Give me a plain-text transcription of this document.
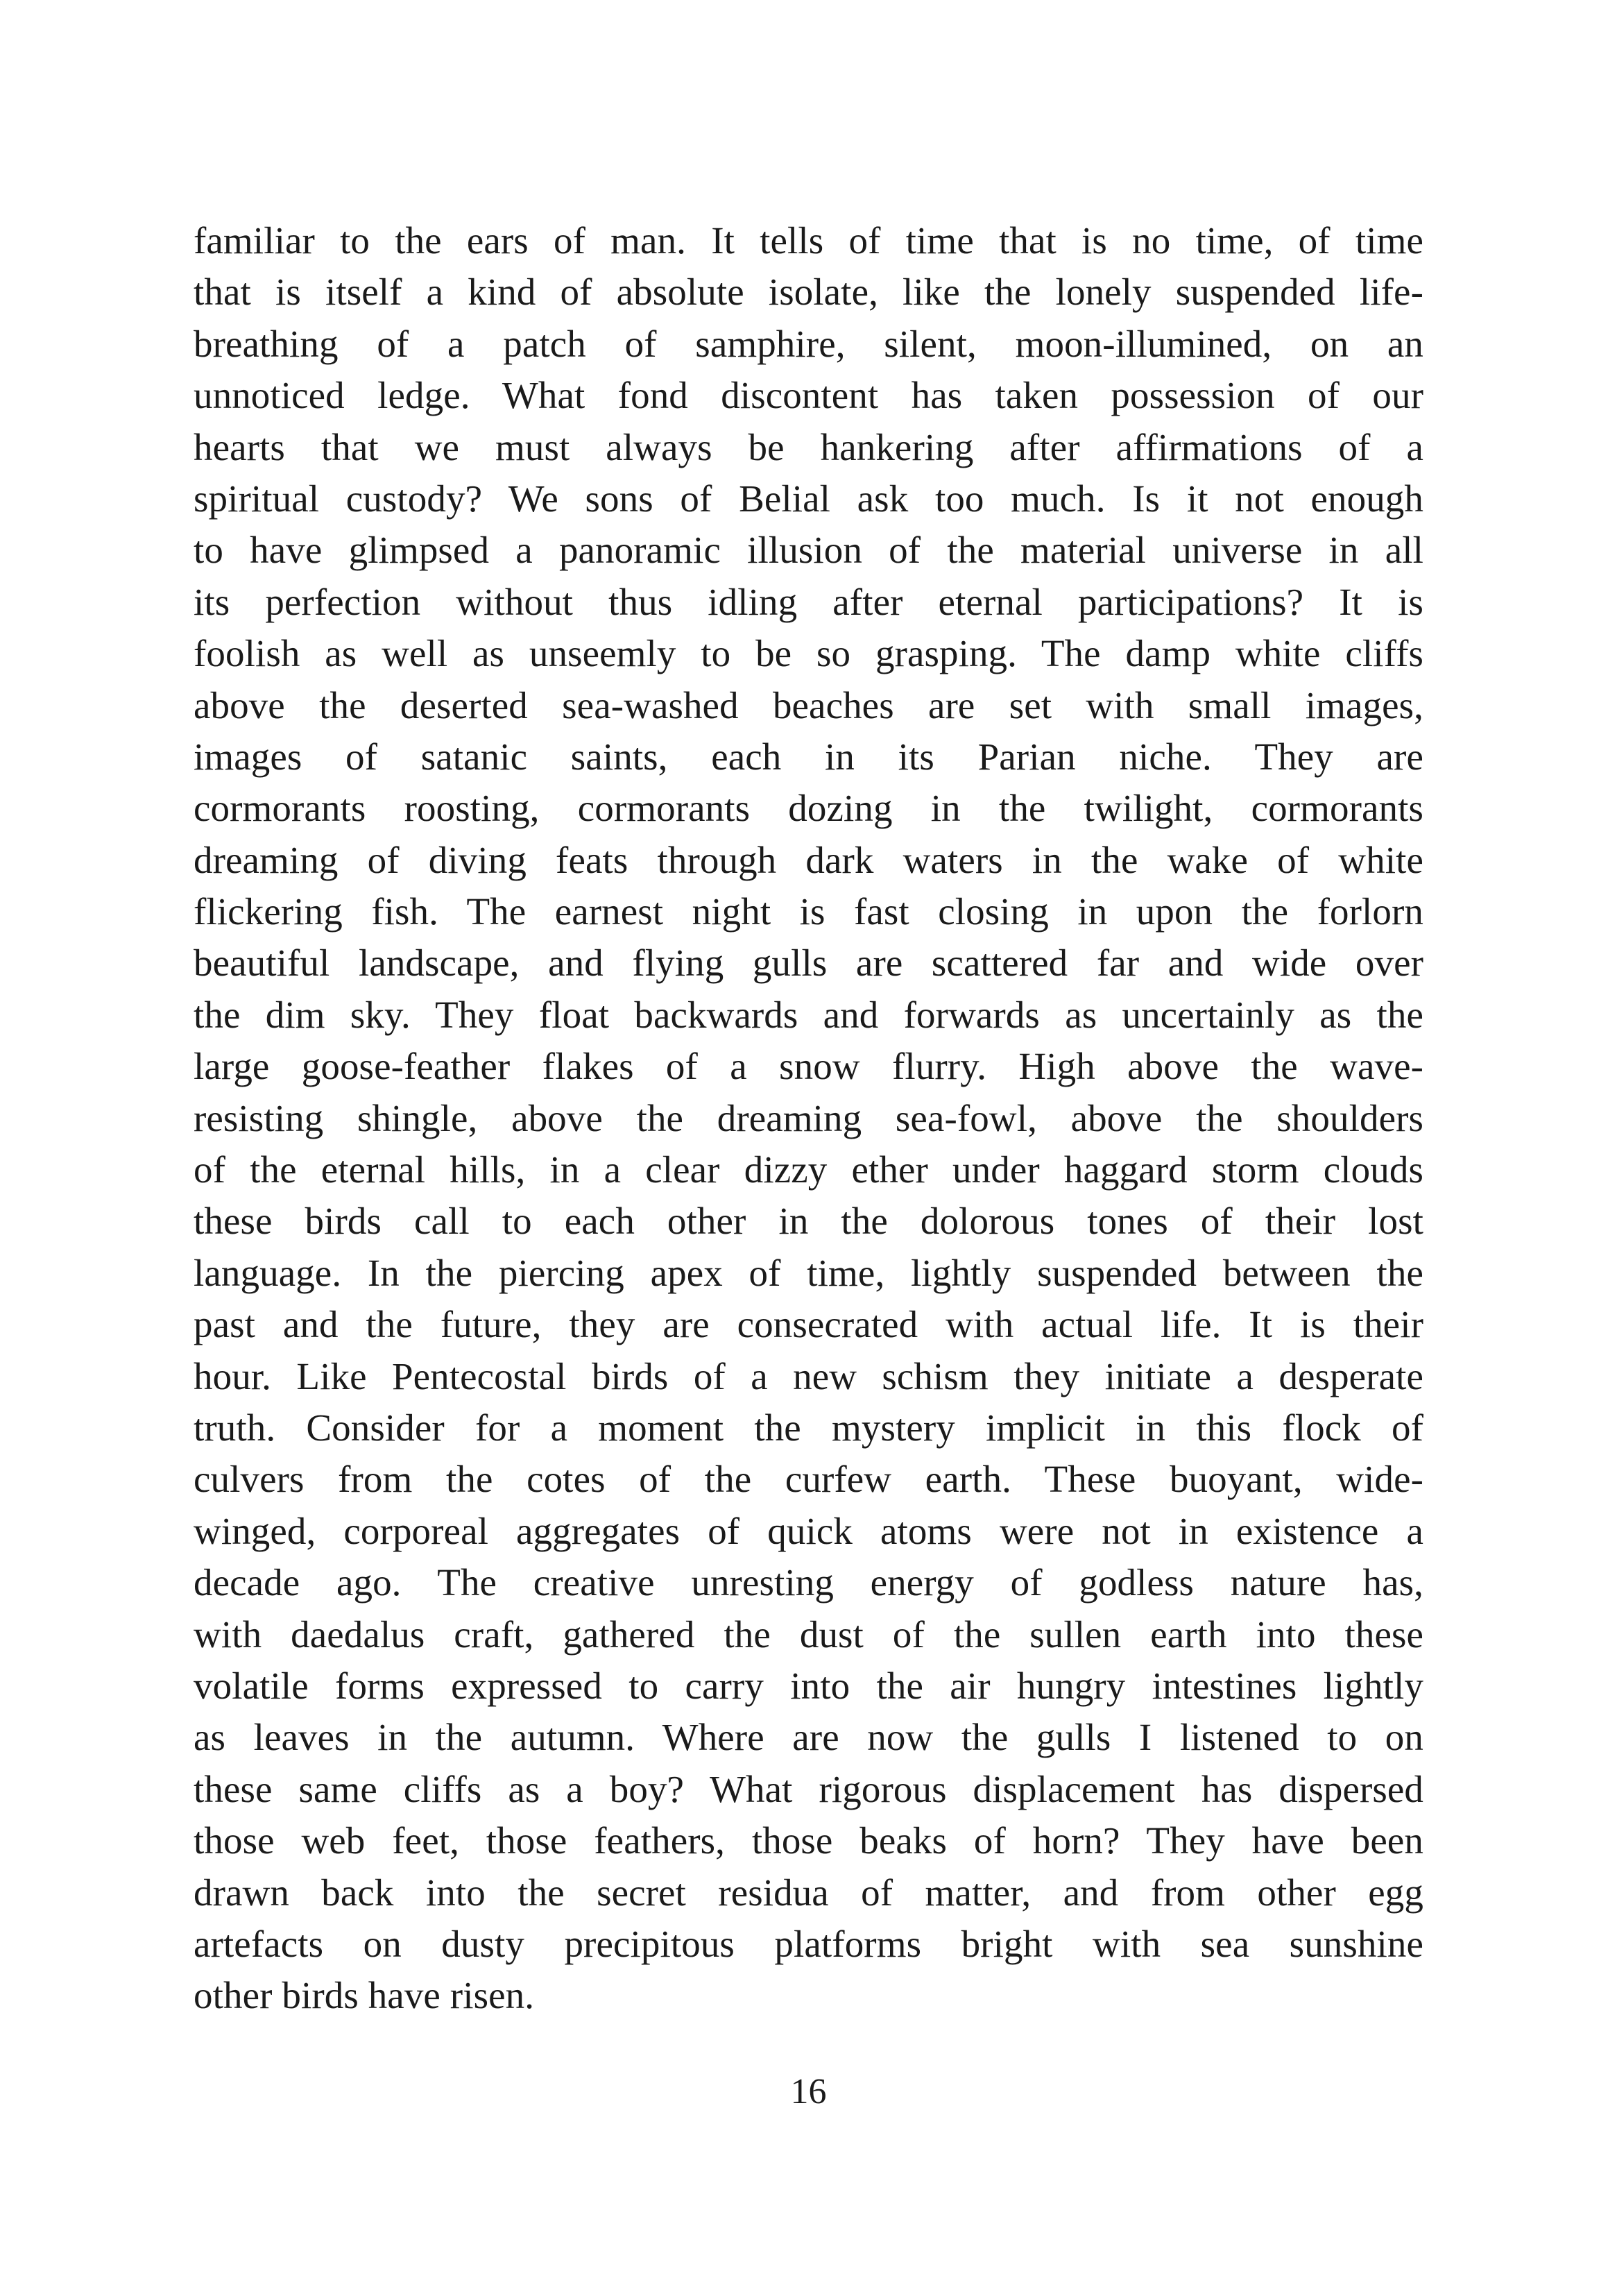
familiar to the ears of man. It tells of time that is no time, of time
that is itself a kind of absolute isolate, like the lonely suspended life-
breathing of a patch of samphire, silent, moon-illumined, on an
unnoticed ledge. What fond discontent has taken possession of our
hearts that we must always be hankering after affirmations of a
spiritual custody? We sons of Belial ask too much. Is it not enough
to have glimpsed a panoramic illusion of the material universe in all
its perfection without thus idling after eternal participations? It is
foolish as well as unseemly to be so grasping. The damp white cliffs
above the deserted sea-washed beaches are set with small images,
images of satanic saints, each in its Parian niche. They are
cormorants roosting, cormorants dozing in the twilight, cormorants
dreaming of diving feats through dark waters in the wake of white
flickering fish. The earnest night is fast closing in upon the forlorn
beautiful landscape, and flying gulls are scattered far and wide over
the dim sky. They float backwards and forwards as uncertainly as the
large goose-feather flakes of a snow flurry. High above the wave-
resisting shingle, above the dreaming sea-fowl, above the shoulders
of the eternal hills, in a clear dizzy ether under haggard storm clouds
these birds call to each other in the dolorous tones of their lost
language. In the piercing apex of time, lightly suspended between the
past and the future, they are consecrated with actual life. It is their
hour. Like Pentecostal birds of a new schism they initiate a desperate
truth. Consider for a moment the mystery implicit in this flock of
culvers from the cotes of the curfew earth. These buoyant, wide-
winged, corporeal aggregates of quick atoms were not in existence a
decade ago. The creative unresting energy of godless nature has,
with daedalus craft, gathered the dust of the sullen earth into these
volatile forms expressed to carry into the air hungry intestines lightly
as leaves in the autumn. Where are now the gulls I listened to on
these same cliffs as a boy? What rigorous displacement has dispersed
those web feet, those feathers, those beaks of horn? They have been
drawn back into the secret residua of matter, and from other egg
artefacts on dusty precipitous platforms bright with sea sunshine
other birds have risen.
16
